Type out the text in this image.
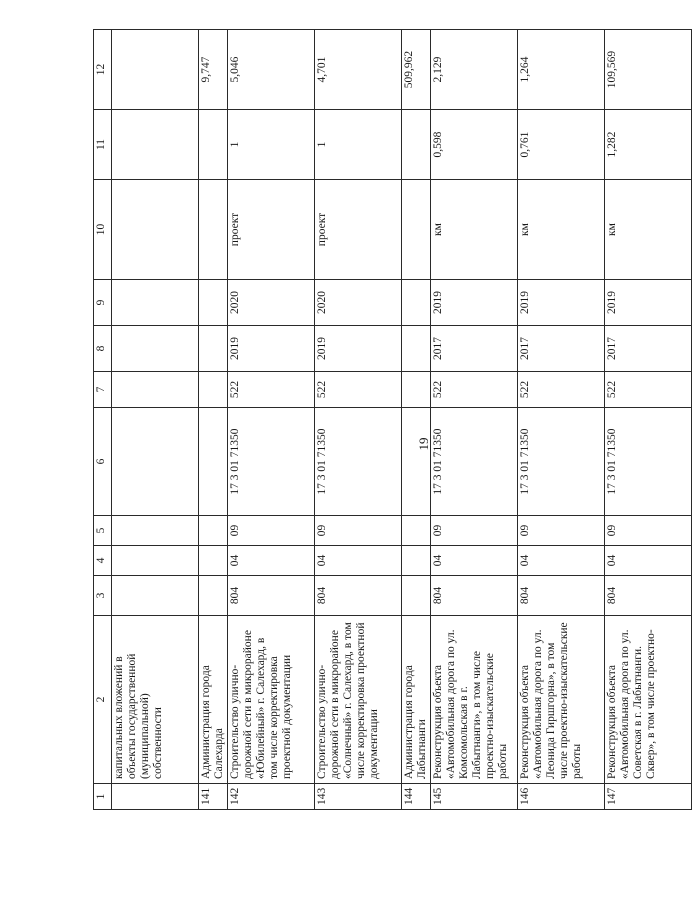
19
1	2	3	4	5	6	7	8	9	10	11	12
	капитальных вложений в объекты государственной (муниципальной) собственности										
141	Администрация города Салехарда										9,747
142	Строительство улично-дорожной сети в микрорайоне «Юбилейный» г. Салехард, в том числе корректировка проектной документации	804	04	09	17 3 01 71350	522	2019	2020	проект	1	5,046
143	Строительство улично-дорожной сети в микрорайоне «Солнечный» г. Салехард, в том числе корректировка проектной документации	804	04	09	17 3 01 71350	522	2019	2020	проект	1	4,701
144	Администрация города Лабытнанги										509,962
145	Реконструкция объекта «Автомобильная дорога по ул. Комсомольская в г. Лабытнанги», в том числе проектно-изыскательские работы	804	04	09	17 3 01 71350	522	2017	2019	км	0,598	2,129
146	Реконструкция объекта «Автомобильная дорога по ул. Леонида Гиршгорна», в том числе проектно-изыскательские работы	804	04	09	17 3 01 71350	522	2017	2019	км	0,761	1,264
147	Реконструкция объекта «Автомобильная дорога по ул. Советская в г. Лабытнанги. Сквер», в том числе проектно-	804	04	09	17 3 01 71350	522	2017	2019	км	1,282	109,569
